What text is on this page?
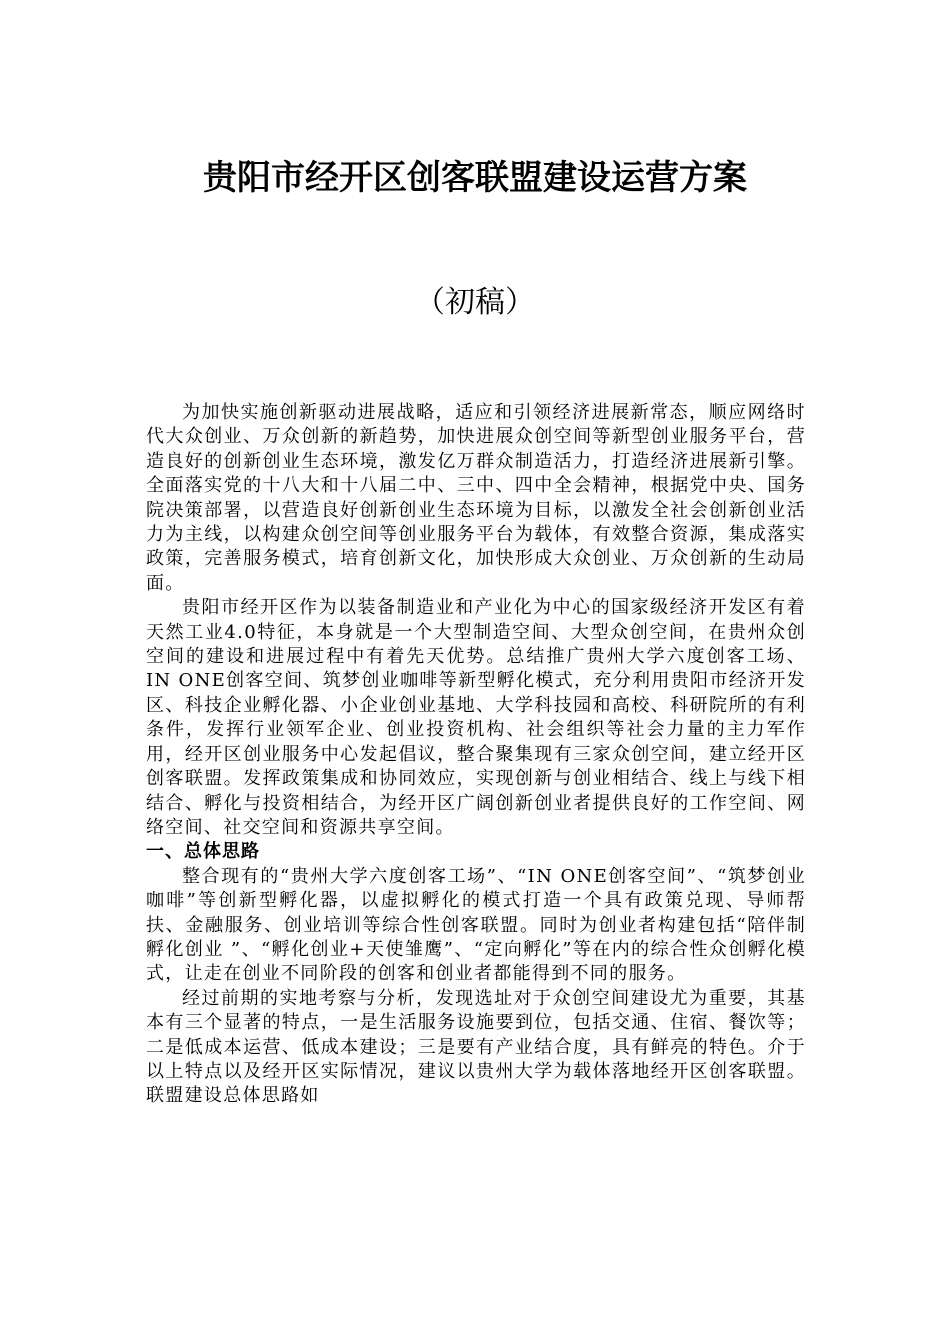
贵阳市经开区创客联盟建设运营方案
（初稿）

为加快实施创新驱动进展战略，适应和引领经济进展新常态，顺应网络时代大众创业、万众创新的新趋势，加快进展众创空间等新型创业服务平台，营造良好的创新创业生态环境，激发亿万群众制造活力，打造经济进展新引擎。全面落实党的十八大和十八届二中、三中、四中全会精神，根据党中央、国务院决策部署，以营造良好创新创业生态环境为目标，以激发全社会创新创业活力为主线，以构建众创空间等创业服务平台为载体，有效整合资源，集成落实政策，完善服务模式，培育创新文化，加快形成大众创业、万众创新的生动局面。

贵阳市经开区作为以装备制造业和产业化为中心的国家级经济开发区有着天然工业4.0特征，本身就是一个大型制造空间、大型众创空间，在贵州众创空间的建设和进展过程中有着先天优势。总结推广贵州大学六度创客工场、IN ONE创客空间、筑梦创业咖啡等新型孵化模式，充分利用贵阳市经济开发区、科技企业孵化器、小企业创业基地、大学科技园和高校、科研院所的有利条件，发挥行业领军企业、创业投资机构、社会组织等社会力量的主力军作用，经开区创业服务中心发起倡议，整合聚集现有三家众创空间，建立经开区创客联盟。发挥政策集成和协同效应，实现创新与创业相结合、线上与线下相结合、孵化与投资相结合，为经开区广阔创新创业者提供良好的工作空间、网络空间、社交空间和资源共享空间。

一、总体思路

整合现有的“贵州大学六度创客工场”、“IN ONE创客空间”、“筑梦创业咖啡”等创新型孵化器，以虚拟孵化的模式打造一个具有政策兑现、导师帮扶、金融服务、创业培训等综合性创客联盟。同时为创业者构建包括“陪伴制孵化创业 ”、“孵化创业+天使雏鹰”、“定向孵化”等在内的综合性众创孵化模式，让走在创业不同阶段的创客和创业者都能得到不同的服务。

经过前期的实地考察与分析，发现选址对于众创空间建设尤为重要，其基本有三个显著的特点，一是生活服务设施要到位，包括交通、住宿、餐饮等；二是低成本运营、低成本建设；三是要有产业结合度，具有鲜亮的特色。介于以上特点以及经开区实际情况，建议以贵州大学为载体落地经开区创客联盟。联盟建设总体思路如
